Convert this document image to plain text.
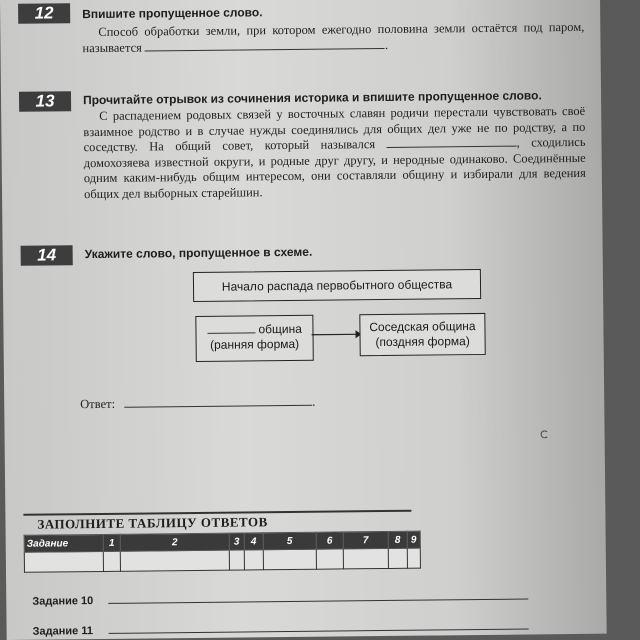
12	Впишите пропущенное слово.
Способ обработки земли, при котором ежегодно половина земли остаётся под паром, называется	.
13	Прочитайте отрывок из сочинения историка и впишите пропущенное слово.
С распадением родовых связей у восточных славян родичи перестали чувствовать своё взаимное родство и в случае нужды соединялись для общих дел уже не по родству, а по соседству. На общий совет, который назывался	, сходились домохозяева известной округи, и родные друг другу, и неродные одинаково. Соединённые одним каким-нибудь общим интересом, они составляли общину и избирали для ведения общих дел выборных старейшин.
14	Укажите слово, пропущенное в схеме.
Начало распада первобытного общества
община
(ранняя форма)
Соседская община
(поздняя форма)
Ответ:	.
ЗАПОЛНИТЕ ТАБЛИЦУ ОТВЕТОВ
Задание	1	2	3	4	5	6	7	8	9

Задание 10
Задание 11
